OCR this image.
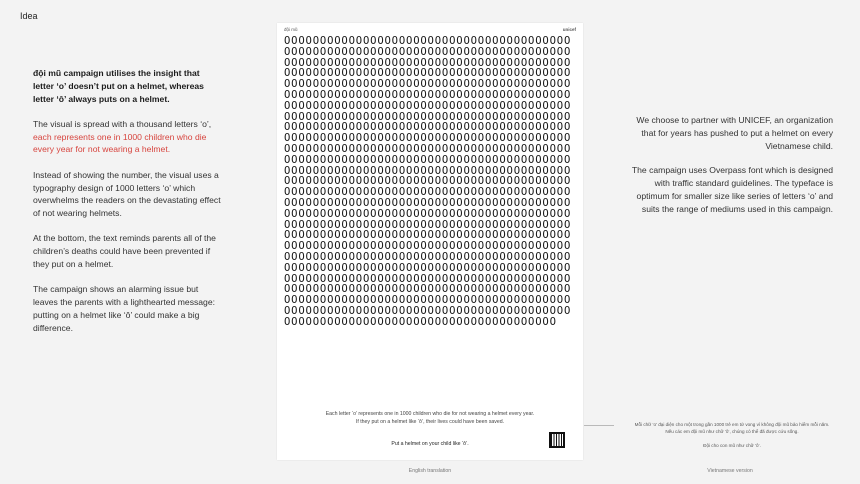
Idea

đội mũ campaign utilises the insight that letter ‘o’ doesn’t put on a helmet, whereas letter ‘ô’ always puts on a helmet.

The visual is spread with a thousand letters ‘o’, each represents one in 1000 children who die every year for not wearing a helmet.

Instead of showing the number, the visual uses a typography design of 1000 letters ‘o’ which overwhelms the readers on the devastating effect of not wearing helmets.

At the bottom, the text reminds parents all of the children’s deaths could have been prevented if they put on a helmet.

The campaign shows an alarming issue but leaves the parents with a lighthearted message: putting on a helmet like ‘ô’ could make a big difference.

đội mũ	unicef
OOOOOOOOOOOOOOOOOOOOOOOOOOOOOOOOOOOOOOOOOOOOOOOOOOOOOOOOOOOOOOOOOOOOOOOOOOOOOOOOOOOOOOOOOOOOOOOOOOOOOOOOOOOOOOOOOOOOOOOOOOOOOOOOOOOOOOOOOOOOOOOOOOOOOOOOOOOOOOOOOOOOOOOOOOOOOOOOOOOOOOOOOOOOOOOOOOOOOOOOOOOOOOOOOOOOOOOOOOOOOOOOOOOOOOOOOOOOOOOOOOOOOOOOOOOOOOOOOOOOOOOOOOOOOOOOOOOOOOOOOOOOOOOOOOOOOOOOOOOOOOOOOOOOOOOOOOOOOOOOOOOOOOOOOOOOOOOOOOOOOOOOOOOOOOOOOOOOOOOOOOOOOOOOOOOOOOOOOOOOOOOOOOOOOOOOOOOOOOOOOOOOOOOOOOOOOOOOOOOOOOOOOOOOOOOOOOOOOOOOOOOOOOOOOOOOOOOOOOOOOOOOOOOOOOOOOOOOOOOOOOOOOOOOOOOOOOOOOOOOOOOOOOOOOOOOOOOOOOOOOOOOOOOOOOOOOOOOOOOOOOOOOOOOOOOOOOOOOOOOOOOOOOOOOOOOOOOOOOOOOOOOOOOOOOOOOOOOOOOOOOOOOOOOOOOOOOOOOOOOOOOOOOOOOOOOOOOOOOOOOOOOOOOOOOOOOOOOOOOOOOOOOOOOOOOOOOOOOOOOOOOOOOOOOOOOOOOOOOOOOOOOOOOOOOOOOOOOOOOOOOOOOOOOOOOOOOOOOOOOOOOOOOOOOOOOOOOOOOOOOOOOOOOOOOOOOOOOOOOOOOOOOOOOOOOOOOOOOOOOOOOOOOOOOOOOOOOOOOOOOOOOOOOOOOOOOOOOOOOOOOOOOOOOOOOOOOOOOOOOOOOOOOOOOOOOOOOOOOOOOOOOOOOOOOOOOOOOOOOOOOOOOOOOOOOOOOOOOOOOOOOOOOOOOOOOOOOOOOOOOOOOOOOOOOOOOOOOOOOOOOOOOOOOOOOOOOOOOOOOOOOOOOOOOOOOOOOOOOOOOOOOOOOOOOOOOOOOOOOOOOOOOOOOOOOOOOOOOOOOOOOOOOOOOOOOOOOOOOOOOOOOOOOOOOOOOOOOOO
Each letter ‘o’ represents one in 1000 children who die for not wearing a helmet every year.
If they put on a helmet like ‘ô’, their lives could have been saved.
Put a helmet on your child like ‘ô’.

We choose to partner with UNICEF, an organization that for years has pushed to put a helmet on every Vietnamese child.

The campaign uses Overpass font which is designed with traffic standard guidelines. The typeface is optimum for smaller size like series of letters ‘o’ and suits the range of mediums used in this campaign.

Mỗi chữ ‘o’ đại diện cho một trong gần 1000 trẻ em tử vong vì không đội mũ bảo hiểm mỗi năm.
Nếu các em đội mũ như chữ ‘ô’, chúng có thể đã được cứu sống.
Đội cho con mũ như chữ ‘ô’.
English translation	Vietnamese version
